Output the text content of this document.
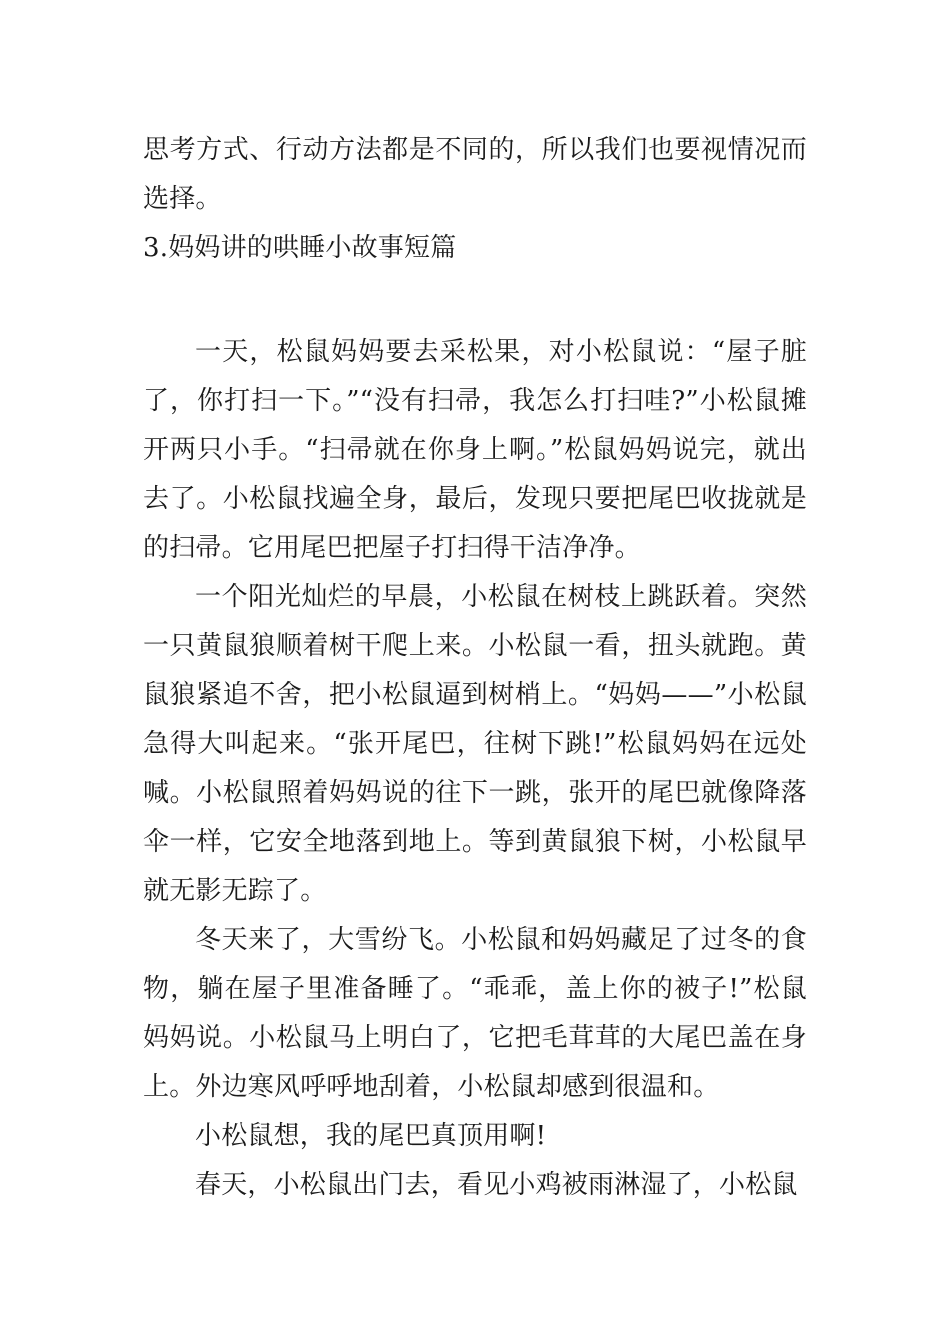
思考方式、行动方法都是不同的，所以我们也要视情况而选择。

3.妈妈讲的哄睡小故事短篇

一天，松鼠妈妈要去采松果，对小松鼠说：“屋子脏了，你打扫一下。”“没有扫帚，我怎么打扫哇?”小松鼠摊开两只小手。“扫帚就在你身上啊。”松鼠妈妈说完，就出去了。小松鼠找遍全身，最后，发现只要把尾巴收拢就是的扫帚。它用尾巴把屋子打扫得干洁净净。

一个阳光灿烂的早晨，小松鼠在树枝上跳跃着。突然一只黄鼠狼顺着树干爬上来。小松鼠一看，扭头就跑。黄鼠狼紧追不舍，把小松鼠逼到树梢上。“妈妈——”小松鼠急得大叫起来。“张开尾巴，往树下跳!”松鼠妈妈在远处喊。小松鼠照着妈妈说的往下一跳，张开的尾巴就像降落伞一样，它安全地落到地上。等到黄鼠狼下树，小松鼠早就无影无踪了。

冬天来了，大雪纷飞。小松鼠和妈妈藏足了过冬的食物，躺在屋子里准备睡了。“乖乖，盖上你的被子!”松鼠妈妈说。小松鼠马上明白了，它把毛茸茸的大尾巴盖在身上。外边寒风呼呼地刮着，小松鼠却感到很温和。

小松鼠想，我的尾巴真顶用啊!

春天，小松鼠出门去，看见小鸡被雨淋湿了，小松鼠
